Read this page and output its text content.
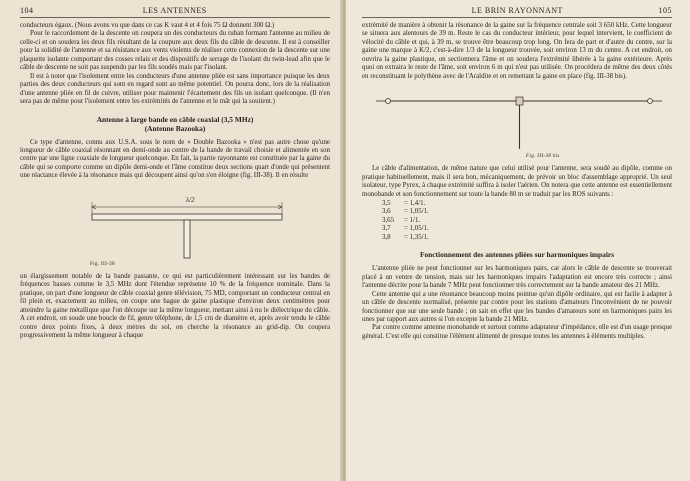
104	LES ANTENNES

conducteurs égaux. (Nous avons vu que dans ce cas K vaut 4 et 4 fois 75 Ω donnent 300 Ω.)

Pour le raccordement de la descente on coupera un des conducteurs du ruban formant l'antenne au milieu de celle-ci et on soudera les deux fils résultant de la coupure aux deux fils du câble de descente. Il est à conseiller pour la solidité de l'antenne et sa résistance aux vents violents de réaliser cette connexion de la descente sur une plaquette isolante comportant des cosses relais et des dispositifs de serrage de l'isolant du twin-lead afin que le câble de descente ne soit pas suspendu par les fils soudés mais par l'isolant.

Il est à noter que l'isolement entre les conducteurs d'une antenne pliée est sans importance puisque les deux parties des deux conducteurs qui sont en regard sont au même potentiel. On pourra donc, lors de la réalisation d'une antenne pliée en fil de cuivre, utiliser pour maintenir l'écartement des fils un isolant quelconque. (Il n'en sera pas de même pour l'isolement entre les extrémités de l'antenne et le mât qui la soutient.)

Antenne à large bande en câble coaxial (3,5 MHz)
(Antenne Bazooka)

Ce type d'antenne, connu aux U.S.A. sous le nom de « Double Bazooka » n'est pas autre chose qu'une longueur de câble coaxial résonnant en demi-onde au centre de la bande de travail choisie et alimentée en son centre par une ligne coaxiale de longueur quelconque. En fait, la partie rayonnante est constituée par la gaine du câble qui se comporte comme un dipôle demi-onde et l'âme constitue deux sections quart d'onde qui présentent une réactance élevée à la résonance mais qui découpent ainsi qu'on s'en éloigne (fig. III-38). Il en résulte

λ/2
Fig. III-38

un élargissement notable de la bande passante, ce qui est particulièrement intéressant sur les bandes de fréquences basses comme le 3,5 MHz dont l'étendue représente 10 % de la fréquence nominale. Dans la pratique, on part d'une longueur de câble coaxial genre télévision, 75 MD, comportant un conducteur central en fil plein et, exactement au milieu, on coupe une bague de gaine plastique d'environ deux centimètres pour atteindre la gaine métallique que l'on découpe sur la même longueur, mettant ainsi à nu le diélectrique du câble. A cet endroit, on soude une boucle de fil, genre téléphone, de 1,5 cm de diamètre et, après avoir tendu le câble contre deux points fixes, à deux mètres du sol, on cherche la résonance au grid-dip. On coupera progressivement la même longueur à chaque

LE BRIN RAYONNANT	105

extrémité de manière à obtenir la résonance de la gaine sur la fréquence centrale soit 3 650 kHz. Cette longueur se situera aux alentours de 39 m. Reste le cas du conducteur intérieur, pour lequel intervient, le coefficient de vélocité du câble et qui, à 39 m, se trouve être beaucoup trop long. On fera de part et d'autre du centre, sur la gaine une marque à K/2, c'est-à-dire 1/3 de la longueur trouvée, soit environ 13 m du centre. A cet endroit, on ouvrira la gaine plastique, on sectionnera l'âme et on soudera l'extrémité libérée à la gaine extérieure. Après quoi on extraira le reste de l'âme, soit environ 6 m qui n'est pas utilisée. On procédera de même des deux côtés en reconstituant le polythène avec de l'Araldite et en remettant la gaine en place (fig. III-38 bis).

Fig. III-38 bis

Le câble d'alimentation, de même nature que celui utilisé pour l'antenne, sera soudé au dipôle, comme on pratique habituellement, mais il sera bon, mécaniquement, de prévoir un bloc d'assemblage approprié. Un seul isolateur, type Pyrex, à chaque extrémité suffira à isoler l'aérien. On notera que cette antenne est essentiellement monobande et son fonctionnement sur toute la bande 80 m se traduit par les ROS suivants :

3,5	= 1,4/1.
3,6	= 1,05/1.
3,65	= 1/1.
3,7	= 1,05/1.
3,8	= 1,35/1.
Fonctionnement des antennes pliées sur harmoniques impairs

L'antenne pliée ne peut fonctionner sur les harmoniques pairs, car alors le câble de descente se trouverait placé à un ventre de tension, mais sur les harmoniques impairs l'adaptation est encore très correcte ; ainsi l'antenne décrite pour la bande 7 MHz peut fonctionner très correctement sur la bande amateur des 21 MHz.

Cette antenne qui a une résonance beaucoup moins pointue qu'un dipôle ordinaire, qui est facile à adapter à un câble de descente normalisé, présente par contre pour les stations d'amateurs l'inconvénient de ne pouvoir fonctionner que sur une seule bande ; on sait en effet que les bandes d'amateurs sont en harmoniques pairs les unes par rapport aux autres si l'on excepte la bande 21 MHz.

Par contre comme antenne monobande et surtout comme adaptateur d'impédance, elle est d'un usage presque général. C'est elle qui constitue l'élément alimenté de presque toutes les antennes à éléments multiples.
